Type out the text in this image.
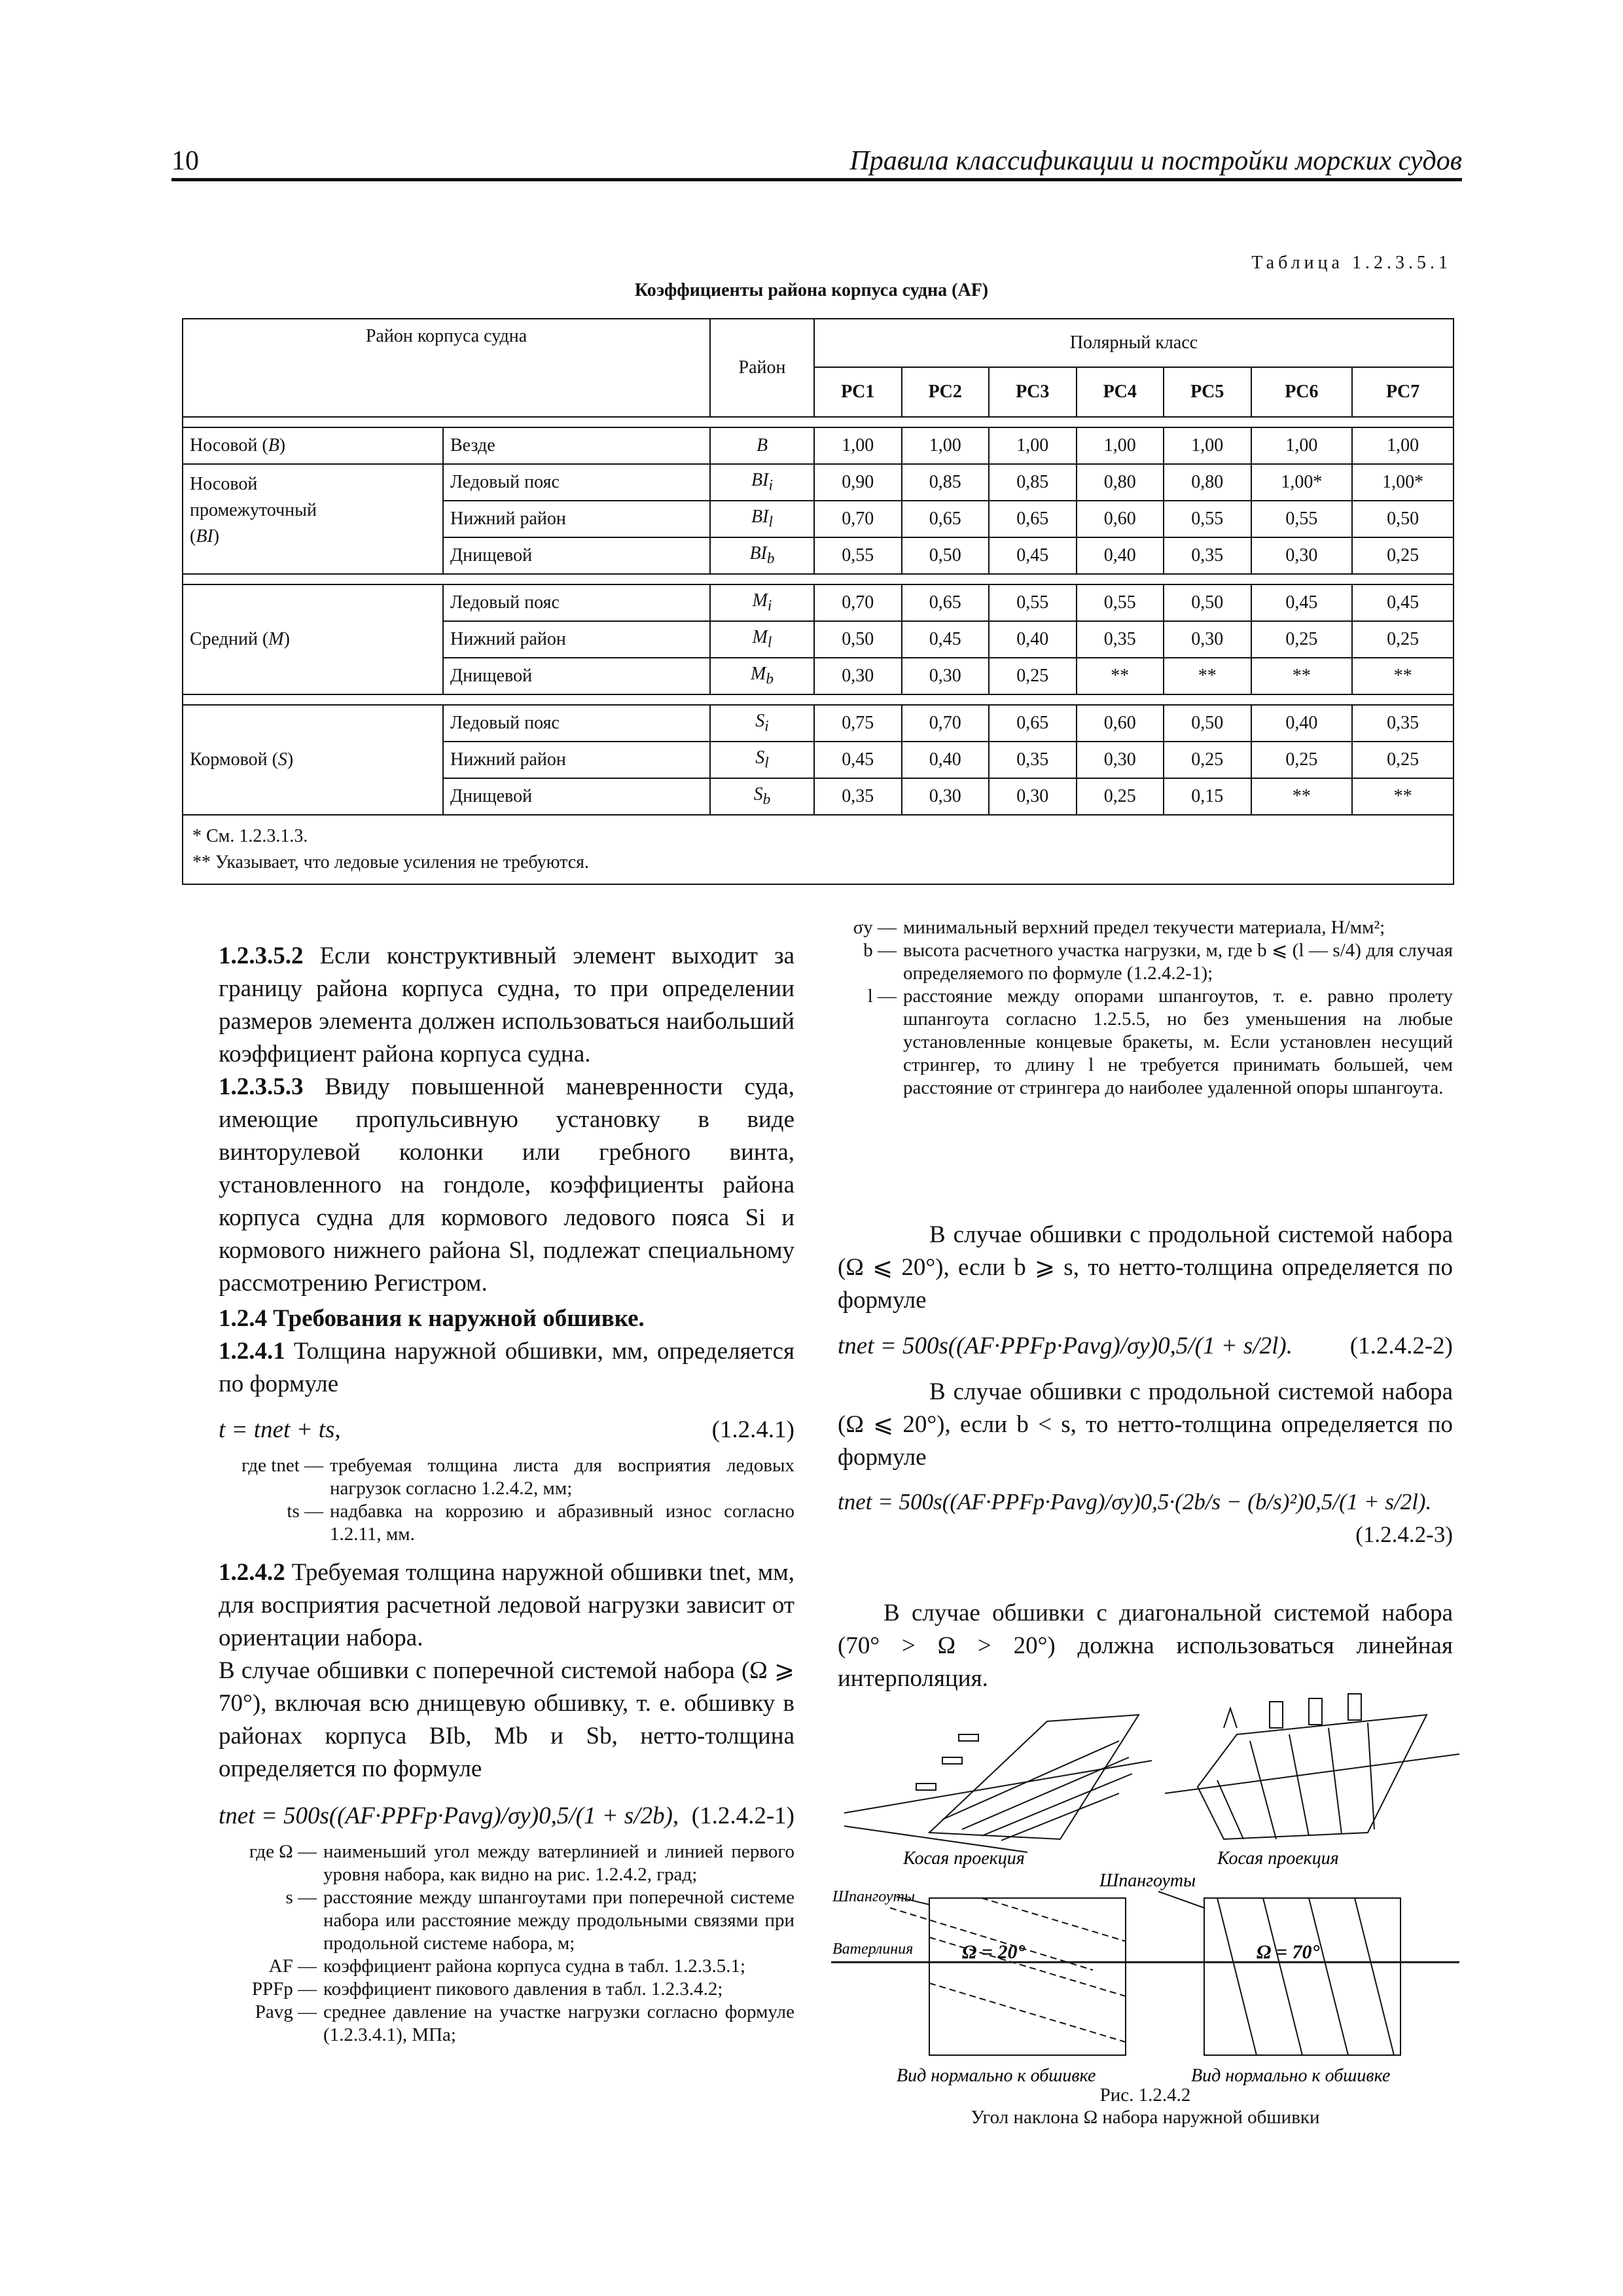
10	Правила классификации и постройки морских судов
Таблица 1.2.3.5.1
Коэффициенты района корпуса судна (AF)
Район корпуса судна		Район	Полярный класс						
			PC1	PC2	PC3	PC4	PC5	PC6	PC7

Носовой (B)	Везде	B	1,00	1,00	1,00	1,00	1,00	1,00	1,00
Носовой
промежуточный
(BI)	Ледовый пояс	$BI_i$	0,90	0,85	0,85	0,80	0,80	1,00*	1,00*
	Нижний район	$BI_l$	0,70	0,65	0,65	0,60	0,55	0,55	0,50
	Днищевой	$BI_b$	0,55	0,50	0,45	0,40	0,35	0,30	0,25

Средний (M)	Ледовый пояс	$M_i$	0,70	0,65	0,55	0,55	0,50	0,45	0,45
	Нижний район	$M_l$	0,50	0,45	0,40	0,35	0,30	0,25	0,25
	Днищевой	$M_b$	0,30	0,30	0,25	**	**	**	**

Кормовой (S)	Ледовый пояс	$S_i$	0,75	0,70	0,65	0,60	0,50	0,40	0,35
	Нижний район	$S_l$	0,45	0,40	0,35	0,30	0,25	0,25	0,25
	Днищевой	$S_b$	0,35	0,30	0,30	0,25	0,15	**	**

* См. 1.2.3.1.3.
** Указывает, что ледовые усиления не требуются.									

1.2.3.5.2 Если конструктивный элемент выходит за границу района корпуса судна, то при определении размеров элемента должен использоваться наибольший коэффициент района корпуса судна.

1.2.3.5.3 Ввиду повышенной маневренности суда, имеющие пропульсивную установку в виде винторулевой колонки или гребного винта, установленного на гондоле, коэффициенты района корпуса судна для кормового ледового пояса Si и кормового нижнего района Sl, подлежат специальному рассмотрению Регистром.

1.2.4 Требования к наружной обшивке.

1.2.4.1 Толщина наружной обшивки, мм, определяется по формуле

t = tnet + ts,	(1.2.4.1)
где tnet — требуемая толщина листа для восприятия ледовых нагрузок согласно 1.2.4.2, мм;
ts — надбавка на коррозию и абразивный износ согласно 1.2.11, мм.

1.2.4.2 Требуемая толщина наружной обшивки tnet, мм, для восприятия расчетной ледовой нагрузки зависит от ориентации набора.

В случае обшивки с поперечной системой набора (Ω ⩾ 70°), включая всю днищевую обшивку, т. е. обшивку в районах корпуса BIb, Mb и Sb, нетто-толщина определяется по формуле

tnet = 500s((AF·PPFp·Pavg)/σy)0,5/(1 + s/2b), (1.2.4.2-1)
где Ω — наименьший угол между ватерлинией и линией первого уровня набора, как видно на рис. 1.2.4.2, град;
s — расстояние между шпангоутами при поперечной системе набора или расстояние между продольными связями при продольной системе набора, м;
AF — коэффициент района корпуса судна в табл. 1.2.3.5.1;
PPFp — коэффициент пикового давления в табл. 1.2.3.4.2;
Pavg — среднее давление на участке нагрузки согласно формуле (1.2.3.4.1), МПа;
σy — минимальный верхний предел текучести материала, Н/мм²;
b — высота расчетного участка нагрузки, м, где b ⩽ (l — s/4) для случая определяемого по формуле (1.2.4.2-1);
l — расстояние между опорами шпангоутов, т. е. равно пролету шпангоута согласно 1.2.5.5, но без уменьшения на любые установленные концевые бракеты, м. Если установлен несущий стрингер, то длину l не требуется принимать большей, чем расстояние от стрингера до наиболее удаленной опоры шпангоута.

В случае обшивки с продольной системой набора (Ω ⩽ 20°), если b ⩾ s, то нетто-толщина определяется по формуле

tnet = 500s((AF·PPFp·Pavg)/σy)0,5/(1 + s/2l). (1.2.4.2-2)

В случае обшивки с продольной системой набора (Ω ⩽ 20°), если b < s, то нетто-толщина определяется по формуле

tnet = 500s((AF·PPFp·Pavg)/σy)0,5·(2b/s − (b/s)²)0,5/(1 + s/2l).
(1.2.4.2-3)

В случае обшивки с диагональной системой набора (70° > Ω > 20°) должна использоваться линейная интерполяция.

Косая проекция	Косая проекция
Шпангоуты
Шпангоуты
Ватерлиния Ω = 20°	Ω = 70°
Вид нормально к обшивке	Вид нормально к обшивке
Рис. 1.2.4.2
Угол наклона Ω набора наружной обшивки
